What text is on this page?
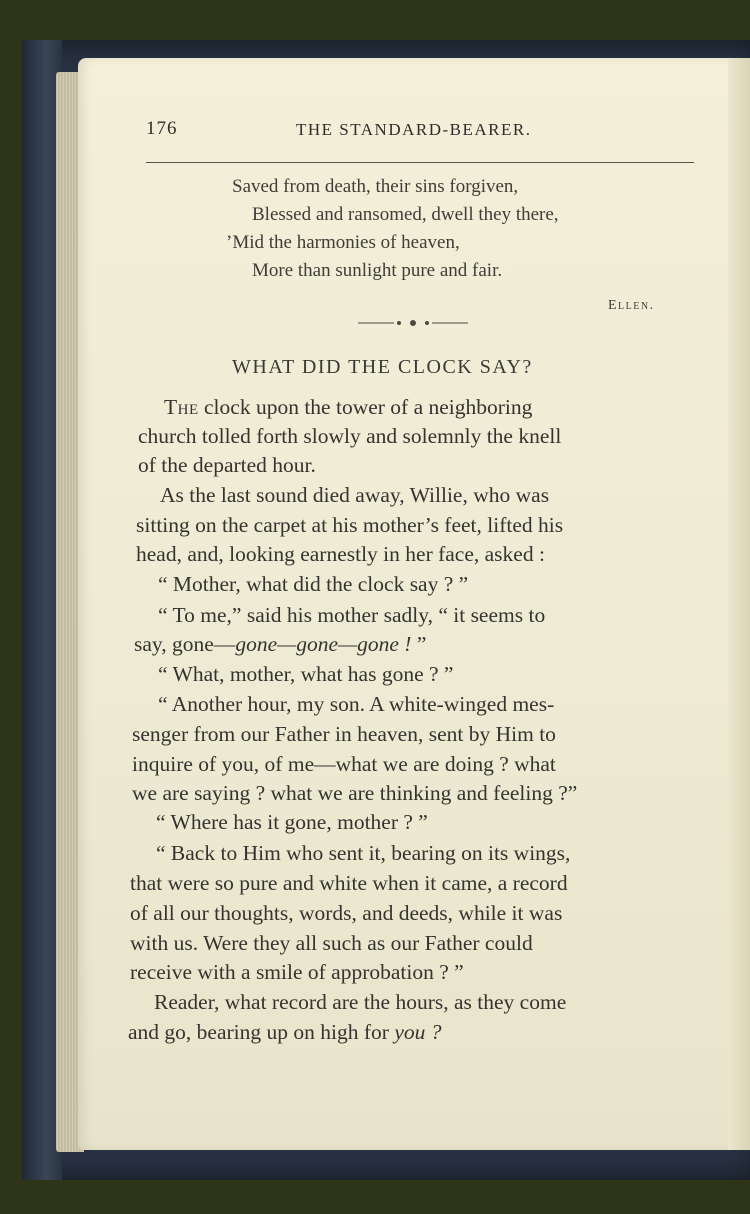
176	THE STANDARD-BEARER.
Saved from death, their sins forgiven,
Blessed and ransomed, dwell they there,
’Mid the harmonies of heaven,
More than sunlight pure and fair.
Ellen.
WHAT DID THE CLOCK SAY?
The clock upon the tower of a neighboring
church tolled forth slowly and solemnly the knell
of the departed hour.
As the last sound died away, Willie, who was
sitting on the carpet at his mother’s feet, lifted his
head, and, looking earnestly in her face, asked :
“ Mother, what did the clock say ? ”
“ To me,” said his mother sadly, “ it seems to
say, gone—gone—gone—gone ! ”
“ What, mother, what has gone ? ”
“ Another hour, my son. A white-winged mes-
senger from our Father in heaven, sent by Him to
inquire of you, of me—what we are doing ? what
we are saying ? what we are thinking and feeling ?”
“ Where has it gone, mother ? ”
“ Back to Him who sent it, bearing on its wings,
that were so pure and white when it came, a record
of all our thoughts, words, and deeds, while it was
with us. Were they all such as our Father could
receive with a smile of approbation ? ”
Reader, what record are the hours, as they come
and go, bearing up on high for you ?
